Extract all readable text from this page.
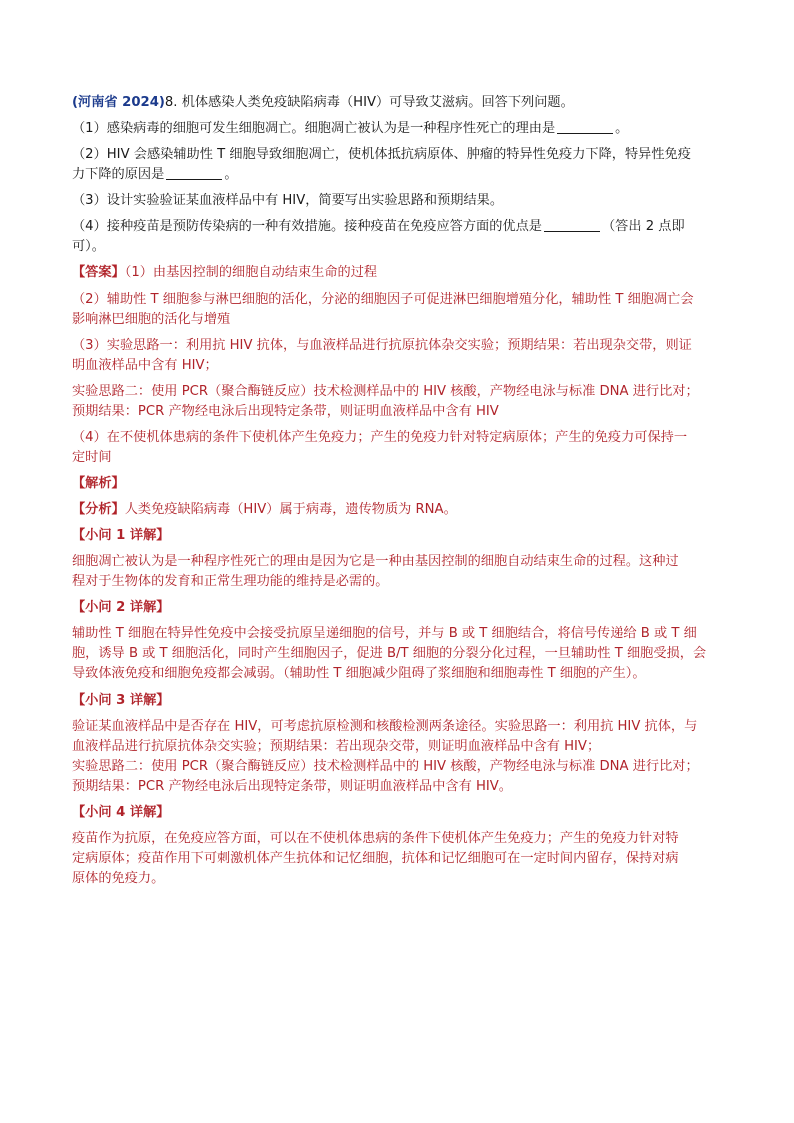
(河南省 2024)8. 机体感染人类免疫缺陷病毒（HIV）可导致艾滋病。回答下列问题。
（1）感染病毒的细胞可发生细胞凋亡。细胞凋亡被认为是一种程序性死亡的理由是	。
（2）HIV 会感染辅助性 T 细胞导致细胞凋亡，使机体抵抗病原体、肿瘤的特异性免疫力下降，特异性免疫
力下降的原因是	。
（3）设计实验验证某血液样品中有 HIV，简要写出实验思路和预期结果。
（4）接种疫苗是预防传染病的一种有效措施。接种疫苗在免疫应答方面的优点是	（答出 2 点即
可）。
【答案】（1）由基因控制的细胞自动结束生命的过程
（2）辅助性 T 细胞参与淋巴细胞的活化，分泌的细胞因子可促进淋巴细胞增殖分化，辅助性 T 细胞凋亡会
影响淋巴细胞的活化与增殖
（3）实验思路一：利用抗 HIV 抗体，与血液样品进行抗原抗体杂交实验；预期结果：若出现杂交带，则证
明血液样品中含有 HIV；
实验思路二：使用 PCR（聚合酶链反应）技术检测样品中的 HIV 核酸，产物经电泳与标准 DNA 进行比对；
预期结果：PCR 产物经电泳后出现特定条带，则证明血液样品中含有 HIV
（4）在不使机体患病的条件下使机体产生免疫力；产生的免疫力针对特定病原体；产生的免疫力可保持一
定时间
【解析】
【分析】人类免疫缺陷病毒（HIV）属于病毒，遗传物质为 RNA。
【小问 1 详解】
细胞凋亡被认为是一种程序性死亡的理由是因为它是一种由基因控制的细胞自动结束生命的过程。这种过
程对于生物体的发育和正常生理功能的维持是必需的。
【小问 2 详解】
辅助性 T 细胞在特异性免疫中会接受抗原呈递细胞的信号，并与 B 或 T 细胞结合，将信号传递给 B 或 T 细
胞，诱导 B 或 T 细胞活化，同时产生细胞因子，促进 B/T 细胞的分裂分化过程，一旦辅助性 T 细胞受损，会
导致体液免疫和细胞免疫都会减弱。（辅助性 T 细胞减少阻碍了浆细胞和细胞毒性 T 细胞的产生）。
【小问 3 详解】
验证某血液样品中是否存在 HIV，可考虑抗原检测和核酸检测两条途径。实验思路一：利用抗 HIV 抗体，与
血液样品进行抗原抗体杂交实验；预期结果：若出现杂交带，则证明血液样品中含有 HIV；
实验思路二：使用 PCR（聚合酶链反应）技术检测样品中的 HIV 核酸，产物经电泳与标准 DNA 进行比对；
预期结果：PCR 产物经电泳后出现特定条带，则证明血液样品中含有 HIV。
【小问 4 详解】
疫苗作为抗原，在免疫应答方面，可以在不使机体患病的条件下使机体产生免疫力；产生的免疫力针对特
定病原体；疫苗作用下可刺激机体产生抗体和记忆细胞，抗体和记忆细胞可在一定时间内留存，保持对病
原体的免疫力。
